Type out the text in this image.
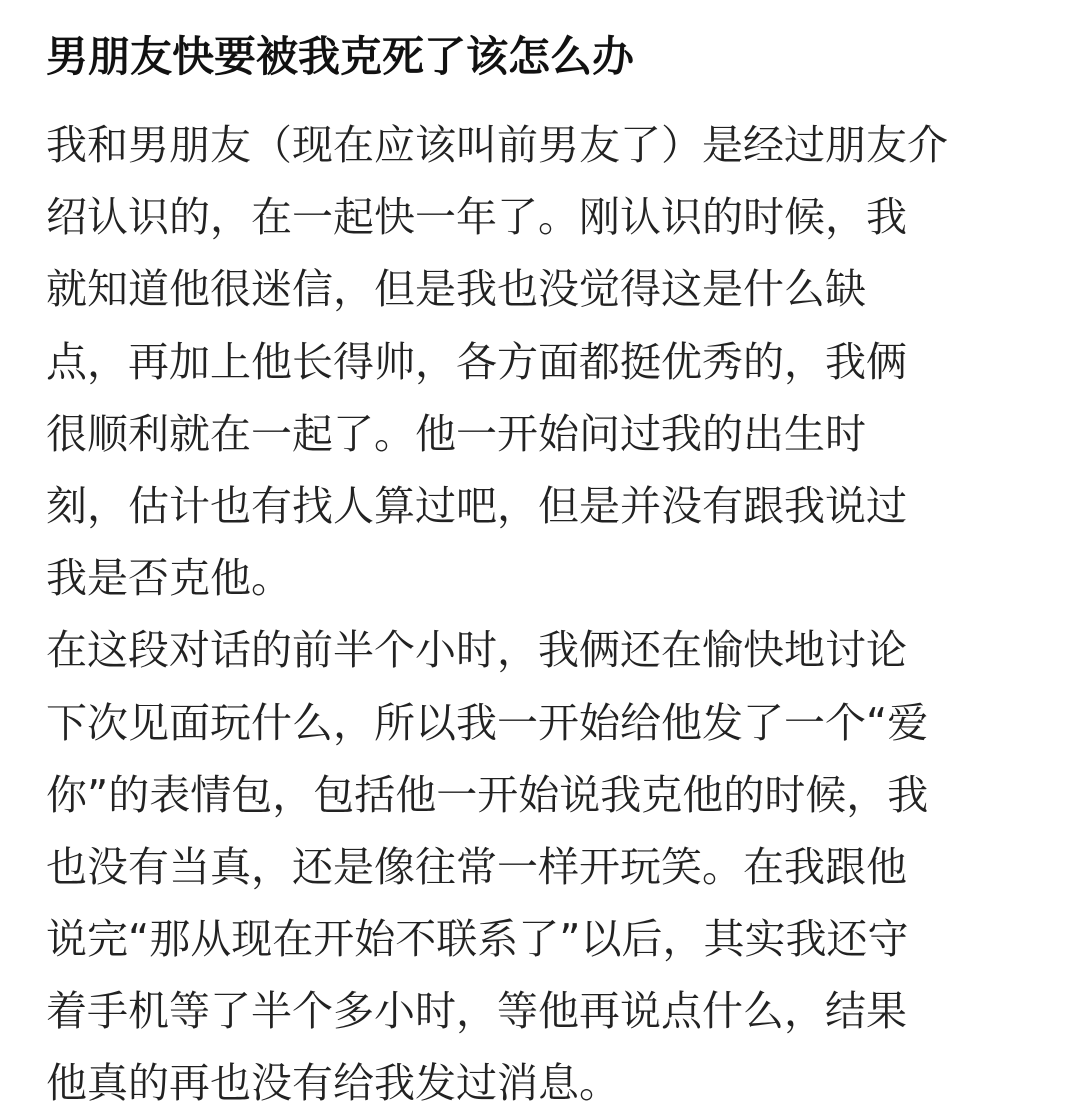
男朋友快要被我克死了该怎么办
我和男朋友（现在应该叫前男友了）是经过朋友介
绍认识的，在一起快一年了。刚认识的时候，我
就知道他很迷信，但是我也没觉得这是什么缺
点，再加上他长得帅，各方面都挺优秀的，我俩
很顺利就在一起了。他一开始问过我的出生时
刻，估计也有找人算过吧，但是并没有跟我说过
我是否克他。
在这段对话的前半个小时，我俩还在愉快地讨论
下次见面玩什么，所以我一开始给他发了一个“爱
你”的表情包，包括他一开始说我克他的时候，我
也没有当真，还是像往常一样开玩笑。在我跟他
说完“那从现在开始不联系了”以后，其实我还守
着手机等了半个多小时，等他再说点什么，结果
他真的再也没有给我发过消息。
